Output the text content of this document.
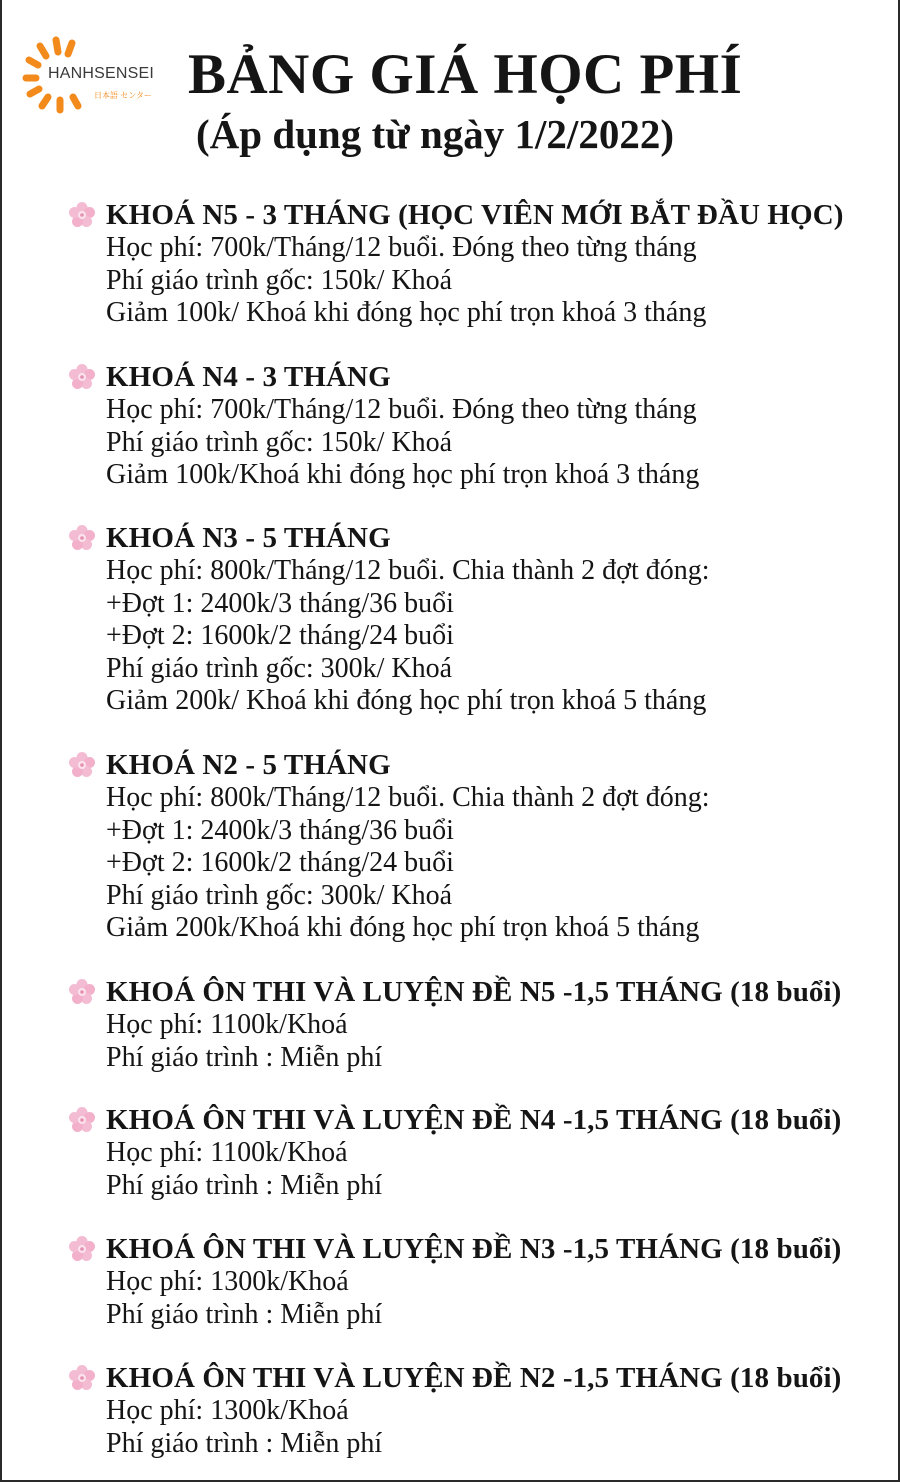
HANHSENSEI
日本語 センター BẢNG GIÁ HỌC PHÍ
(Áp dụng từ ngày 1/2/2022)
KHOÁ N5 - 3 THÁNG (HỌC VIÊN MỚI BẮT ĐẦU HỌC)
Học phí: 700k/Tháng/12 buổi. Đóng theo từng tháng
Phí giáo trình gốc: 150k/ Khoá
Giảm 100k/ Khoá khi đóng học phí trọn khoá 3 tháng
KHOÁ N4 - 3 THÁNG
Học phí: 700k/Tháng/12 buổi. Đóng theo từng tháng
Phí giáo trình gốc: 150k/ Khoá
Giảm 100k/Khoá khi đóng học phí trọn khoá 3 tháng
KHOÁ N3 - 5 THÁNG
Học phí: 800k/Tháng/12 buổi. Chia thành 2 đợt đóng:
+Đợt 1: 2400k/3 tháng/36 buổi
+Đợt 2: 1600k/2 tháng/24 buổi
Phí giáo trình gốc: 300k/ Khoá
Giảm 200k/ Khoá khi đóng học phí trọn khoá 5 tháng
KHOÁ N2 - 5 THÁNG
Học phí: 800k/Tháng/12 buổi. Chia thành 2 đợt đóng:
+Đợt 1: 2400k/3 tháng/36 buổi
+Đợt 2: 1600k/2 tháng/24 buổi
Phí giáo trình gốc: 300k/ Khoá
Giảm 200k/Khoá khi đóng học phí trọn khoá 5 tháng
KHOÁ ÔN THI VÀ LUYỆN ĐỀ N5 -1,5 THÁNG (18 buổi)
Học phí: 1100k/Khoá
Phí giáo trình : Miễn phí
KHOÁ ÔN THI VÀ LUYỆN ĐỀ N4 -1,5 THÁNG (18 buổi)
Học phí: 1100k/Khoá
Phí giáo trình : Miễn phí
KHOÁ ÔN THI VÀ LUYỆN ĐỀ N3 -1,5 THÁNG (18 buổi)
Học phí: 1300k/Khoá
Phí giáo trình : Miễn phí
KHOÁ ÔN THI VÀ LUYỆN ĐỀ N2 -1,5 THÁNG (18 buổi)
Học phí: 1300k/Khoá
Phí giáo trình : Miễn phí
